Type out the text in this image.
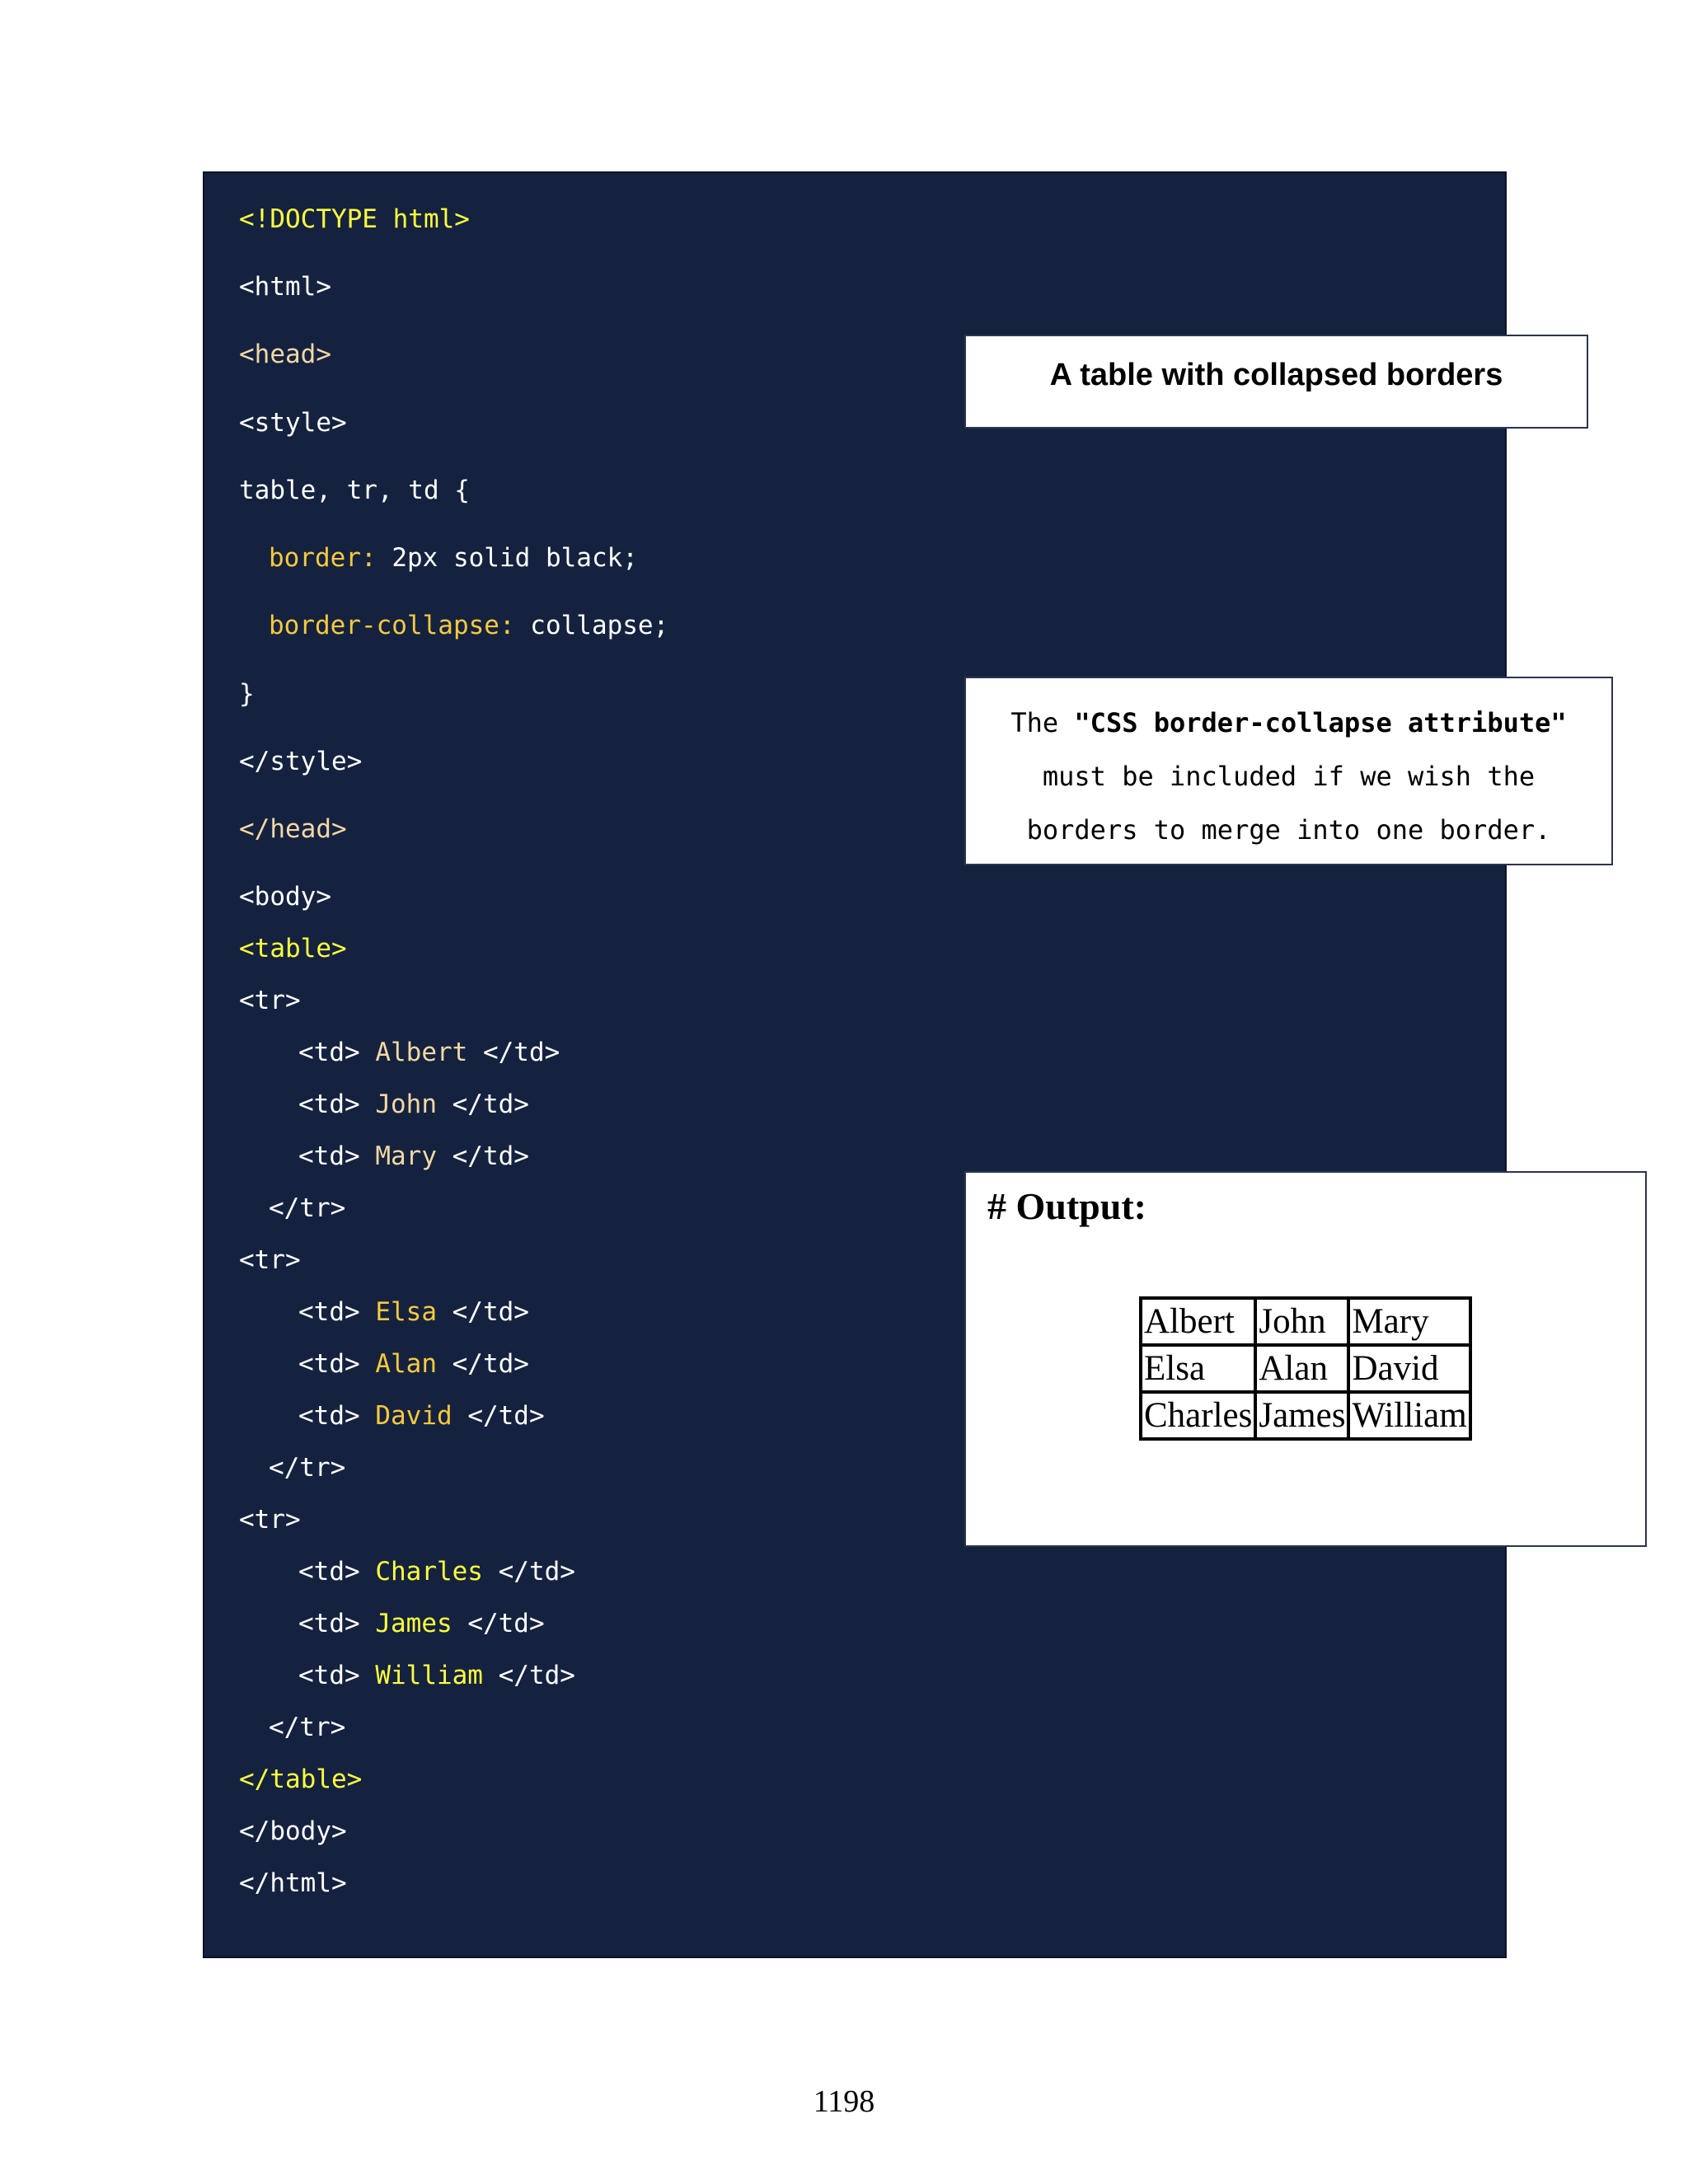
<!DOCTYPE html>
<html>
<head>
<style>
table, tr, td {
border: 2px solid black;
border-collapse: collapse;
}
</style>
</head>
<body>
<table>
<tr>
<td> Albert </td>
<td> John </td>
<td> Mary </td>
</tr>
<tr>
<td> Elsa </td>
<td> Alan </td>
<td> David </td>
</tr>
<tr>
<td> Charles </td>
<td> James </td>
<td> William </td>
</tr>
</table>
</body>
</html>
A table with collapsed borders
The "CSS border-collapse attribute"
must be included if we wish the
borders to merge into one border.
# Output:
Albert	John	Mary
Elsa	Alan	David
Charles	James	William
1198
